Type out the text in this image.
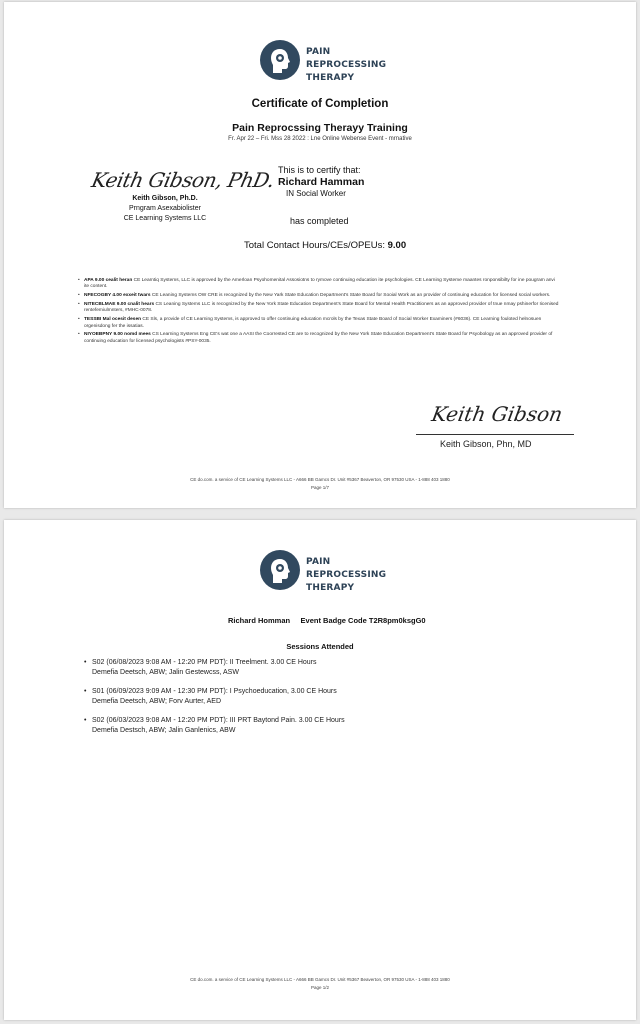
PAIN REPROCESSING
THERAPY
Certificate of Completion
Pain Reprocssing Therayy Training
Fr. Apr 22 – Fri. Mss 28 2022 : Lne Online Webense Event - mrnative
Keith Gibson, PhD.
Keith Gibson, Ph.D.
Prngram Asexabiolister
CE Learning Systems LLC
This is to certify that:
Richard Hamman
IN Social Worker
has completed
Total Contact Hours/CEs/OPEUs: 9.00
• APA 9.00 cealit heran CE Learntiq Systems, LLC is approved by the Amerloan Psyohomenital Assosiotns to rymove continuing education ite psychologies. CE Learning Systeme maantes ronponsibilty for ine pougram anvi ite content.
• NFECOGBY 4.00 exxeit twars CE Leaning Systems OW CRE is recognized by the New Yark State Education Department's State Board for Sooial Work as an provider of continuing education for licensed social workers.
• NITECBLMAE 9.00 cnalit hears CS Leaning Systems LLC is recognized by the New York State Education Department's State Board for Mental Health Practitioners as an approved provider of tnue nmay pshinerfor Iicenised rentefemiulmnters, #MHC-0078.
• TESSBI Mal ocesit desen CE Sls, a provide of CE Learning Systems, is approved to offer continuing education mcrols by the Texas State Board of Social Worker Examiners (#6036). CE Learning fouloted helnosuen orgenisdong fer the issatias.
• NIYOEBPNY 9.00 nomd mees CS Learning Systems Eng CE's wat one a AASI the Coorrested CE are to recognized by the New York State Education Department's State Board for Psyobology as an approved provider of continuing education for licensed psychologists #PSY-0035.
Keith Gibson
Keith Gibson, Phn, MD
CE do.com. a service of CE Learning Systems LLC - A666 BB Gamcs Dr. Unit #5367 Beaverton, OR 97530 USA - 1-888 403 1880
Page 1/7
PAIN REPROCESSING
THERAPY
Richard Homman Event Badge Code T2R8pm0ksgG0
Sessions Attended
• S02 (06/08/2023 9:08 AM - 12:20 PM PDT): II Treelment. 3.00 CE Hours
Demefia Deetsch, ABW; Jalin Gestewcss, ASW
• S01 (06/09/2023 9:09 AM - 12:30 PM PDT): I Psychoeducation, 3.00 CE Hours
Demefia Deetsch, ABW; Forv Aurter, AED
• S02 (06/03/2023 9:08 AM - 12:20 PM PDT): III PRT Baytond Pain. 3.00 CE Hours
Demefia Destsch, ABW; Jalin Ganlenics, ABW
CE do.com. a service of CE Learning Systems LLC - A666 BB Gamcs Dr. Unit #5367 Beaverton, OR 97530 USA - 1-888 403 1880
Page 1/2
